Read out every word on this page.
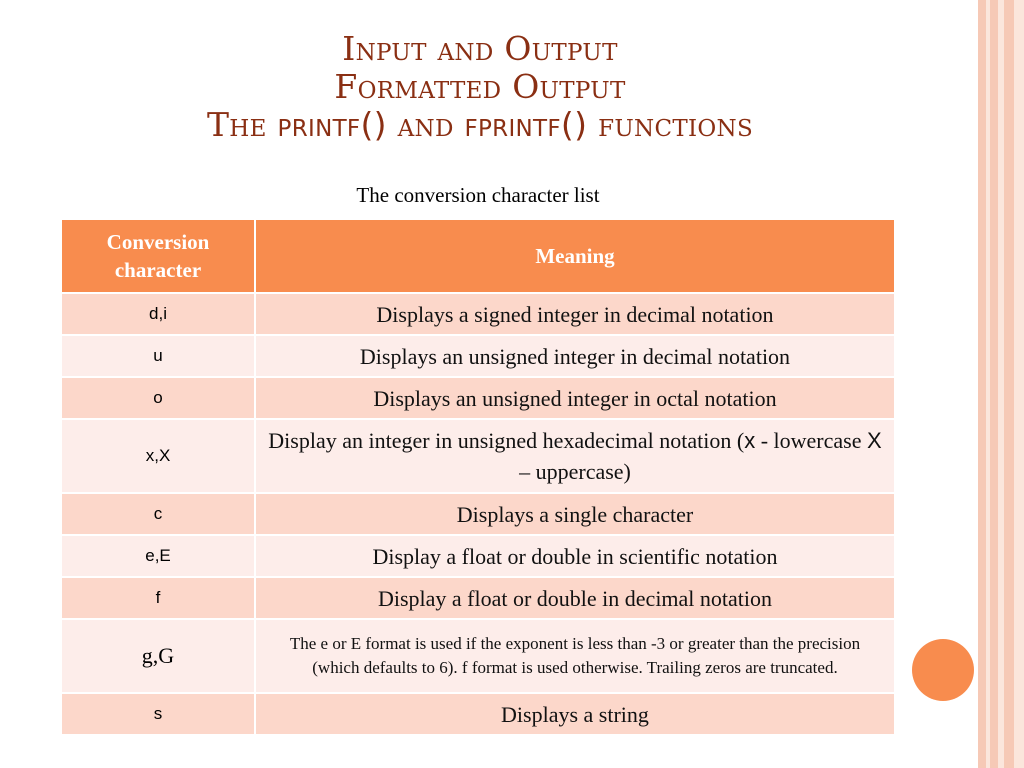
Input and Output
Formatted Output
The printf() and fprintf() functions
The conversion character list
Conversion character	Meaning
d,i	Displays a signed integer in decimal notation
u	Displays an unsigned integer in decimal notation
o	Displays an unsigned integer in octal notation
x,X	Display an integer in unsigned hexadecimal notation (x - lowercase X – uppercase)
c	Displays a single character
e,E	Display a float or double in scientific notation
f	Display a float or double in decimal notation
g,G	The e or E format is used if the exponent is less than -3 or greater than the precision (which defaults to 6). f format is used otherwise. Trailing zeros are truncated.
s	Displays a string
